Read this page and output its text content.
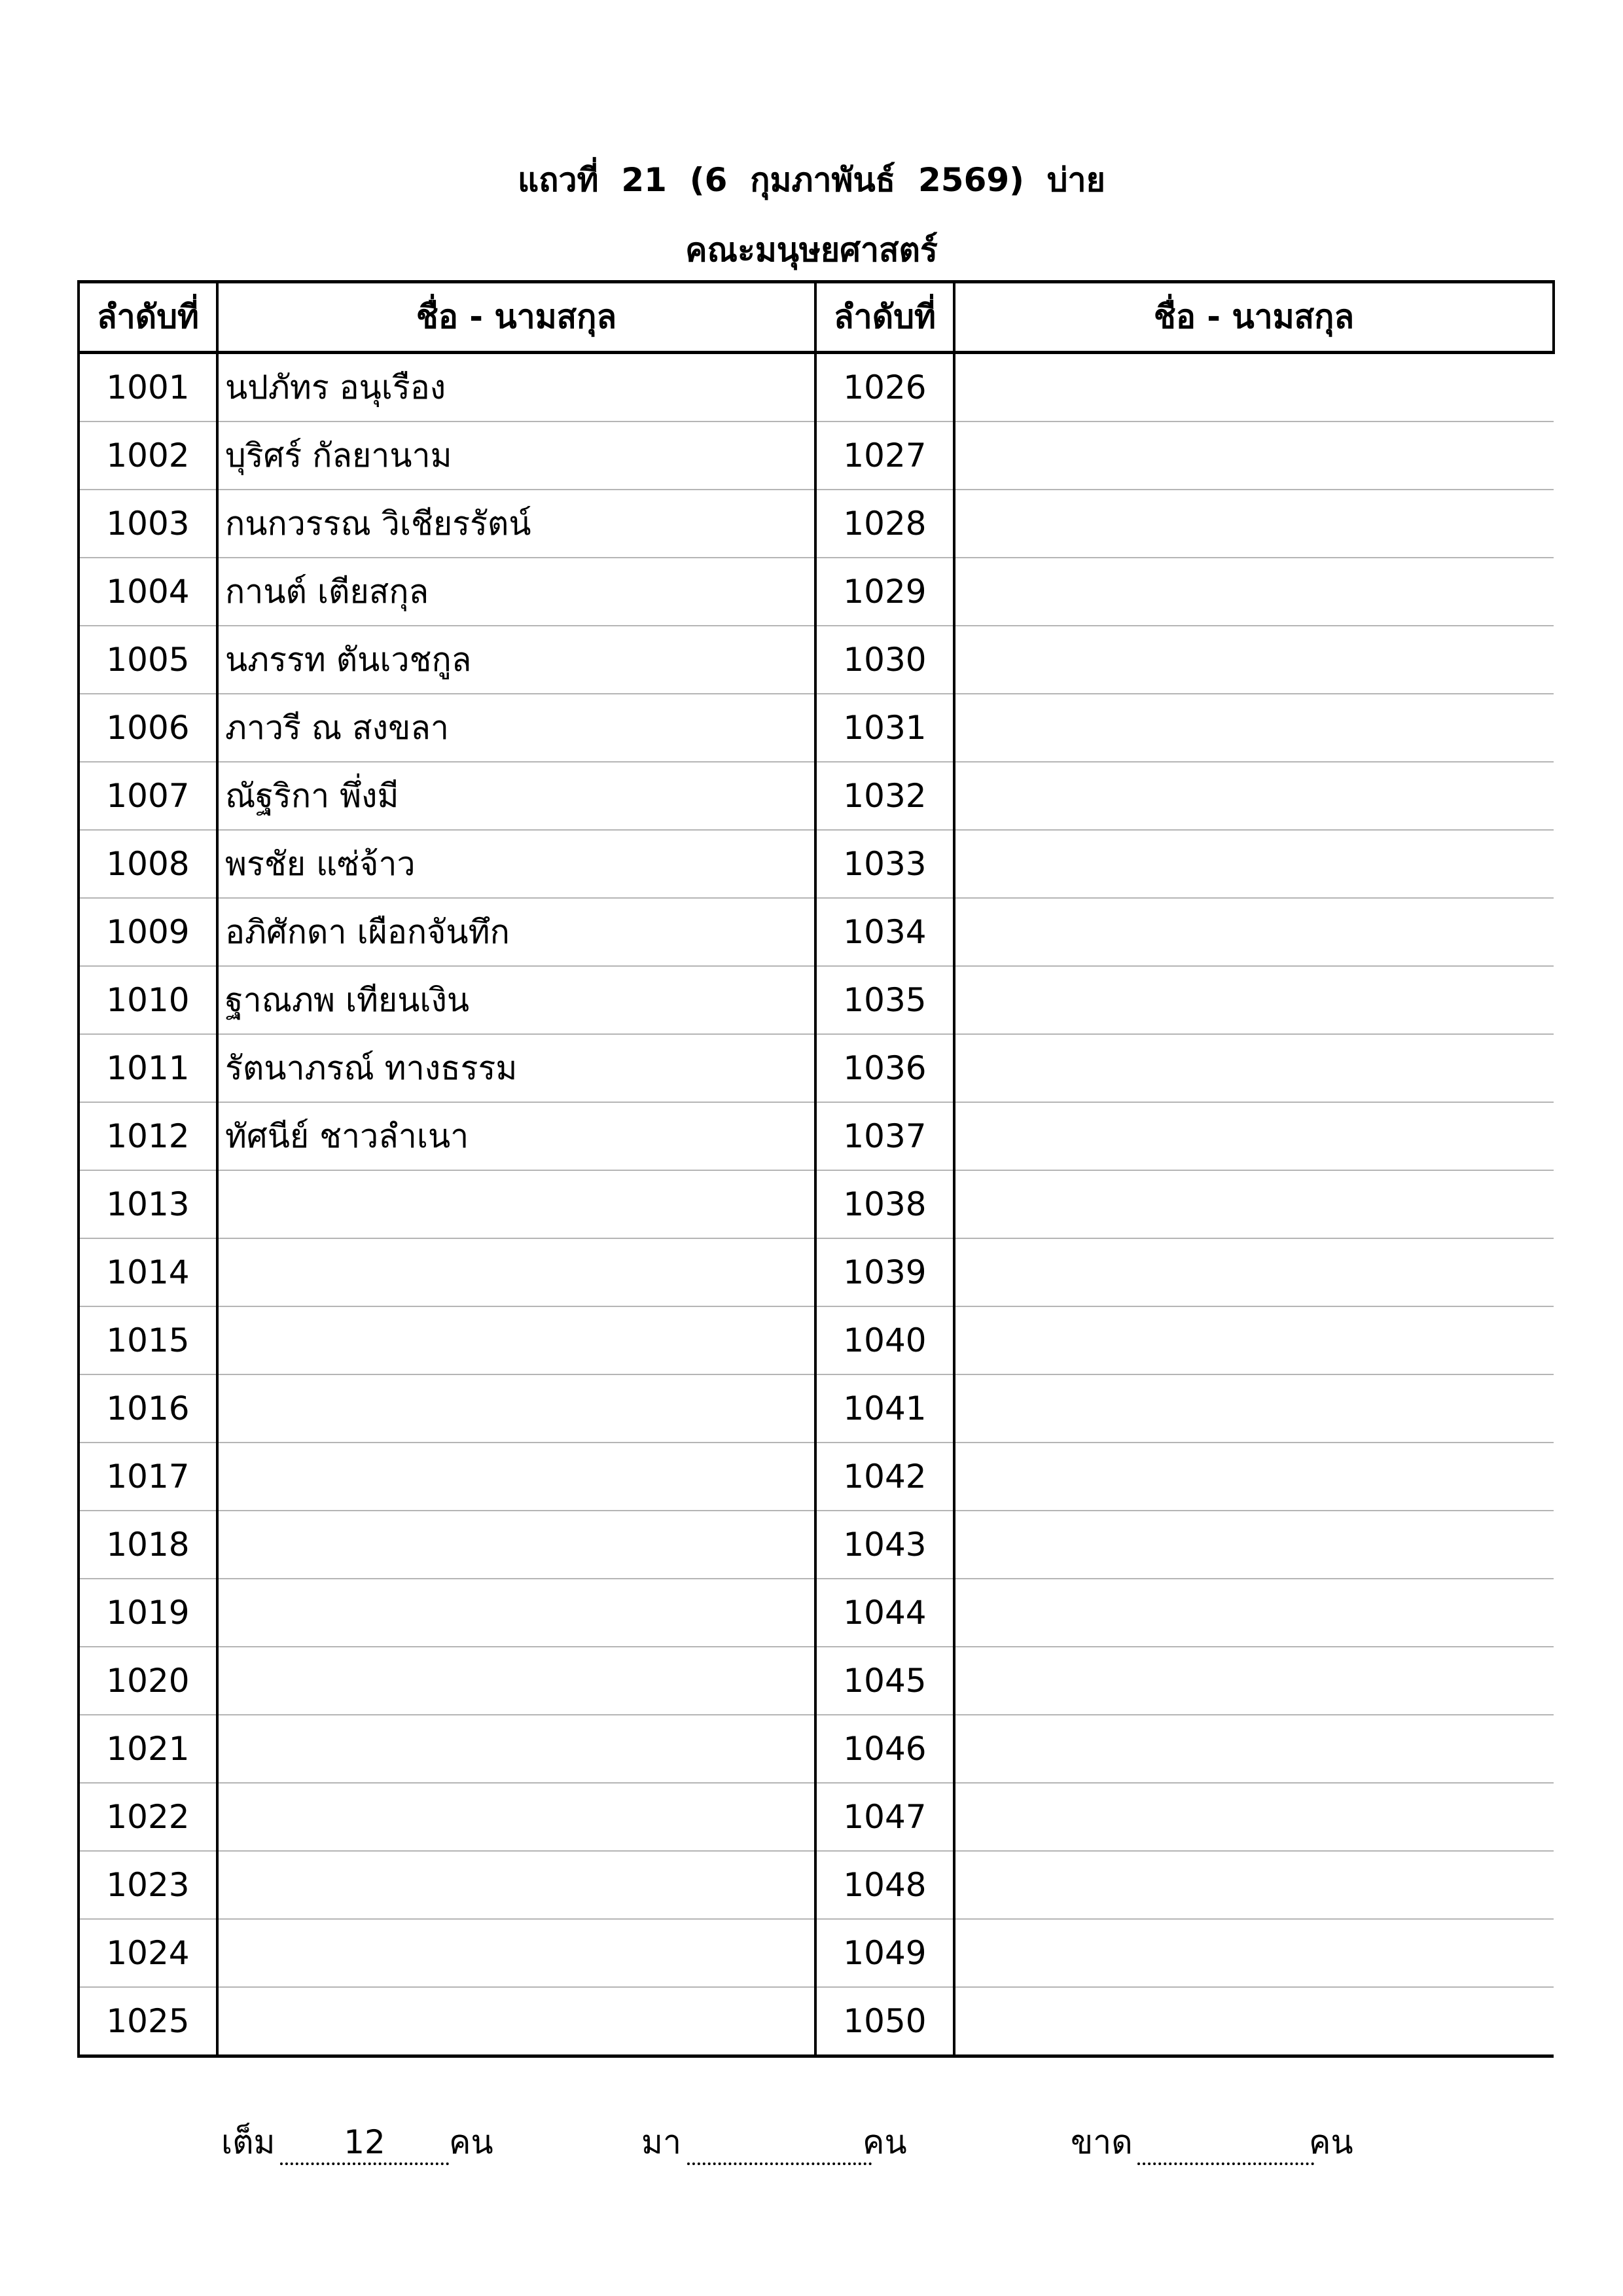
แถวที่  21  (6  กุมภาพันธ์  2569)  บ่าย
คณะมนุษยศาสตร์
ลำดับที่	ชื่อ - นามสกุล	ลำดับที่	ชื่อ - นามสกุล
1001	นปภัทร อนุเรือง	1026	
1002	บุริศร์ กัลยานาม	1027	
1003	กนกวรรณ วิเชียรรัตน์	1028	
1004	กานต์ เตียสกุล	1029	
1005	นภรรท ตันเวชกูล	1030	
1006	ภาวรี ณ สงขลา	1031	
1007	ณัฐริกา พึ่งมี	1032	
1008	พรชัย แซ่จ้าว	1033	
1009	อภิศักดา เผือกจันทึก	1034	
1010	ฐาณภพ เทียนเงิน	1035	
1011	รัตนาภรณ์ ทางธรรม	1036	
1012	ทัศนีย์ ชาวลำเนา	1037	
1013		1038	
1014		1039	
1015		1040	
1016		1041	
1017		1042	
1018		1043	
1019		1044	
1020		1045	
1021		1046	
1022		1047	
1023		1048	
1024		1049	
1025		1050	
เต็ม	12	คน	มา	คน	ขาด	คน
